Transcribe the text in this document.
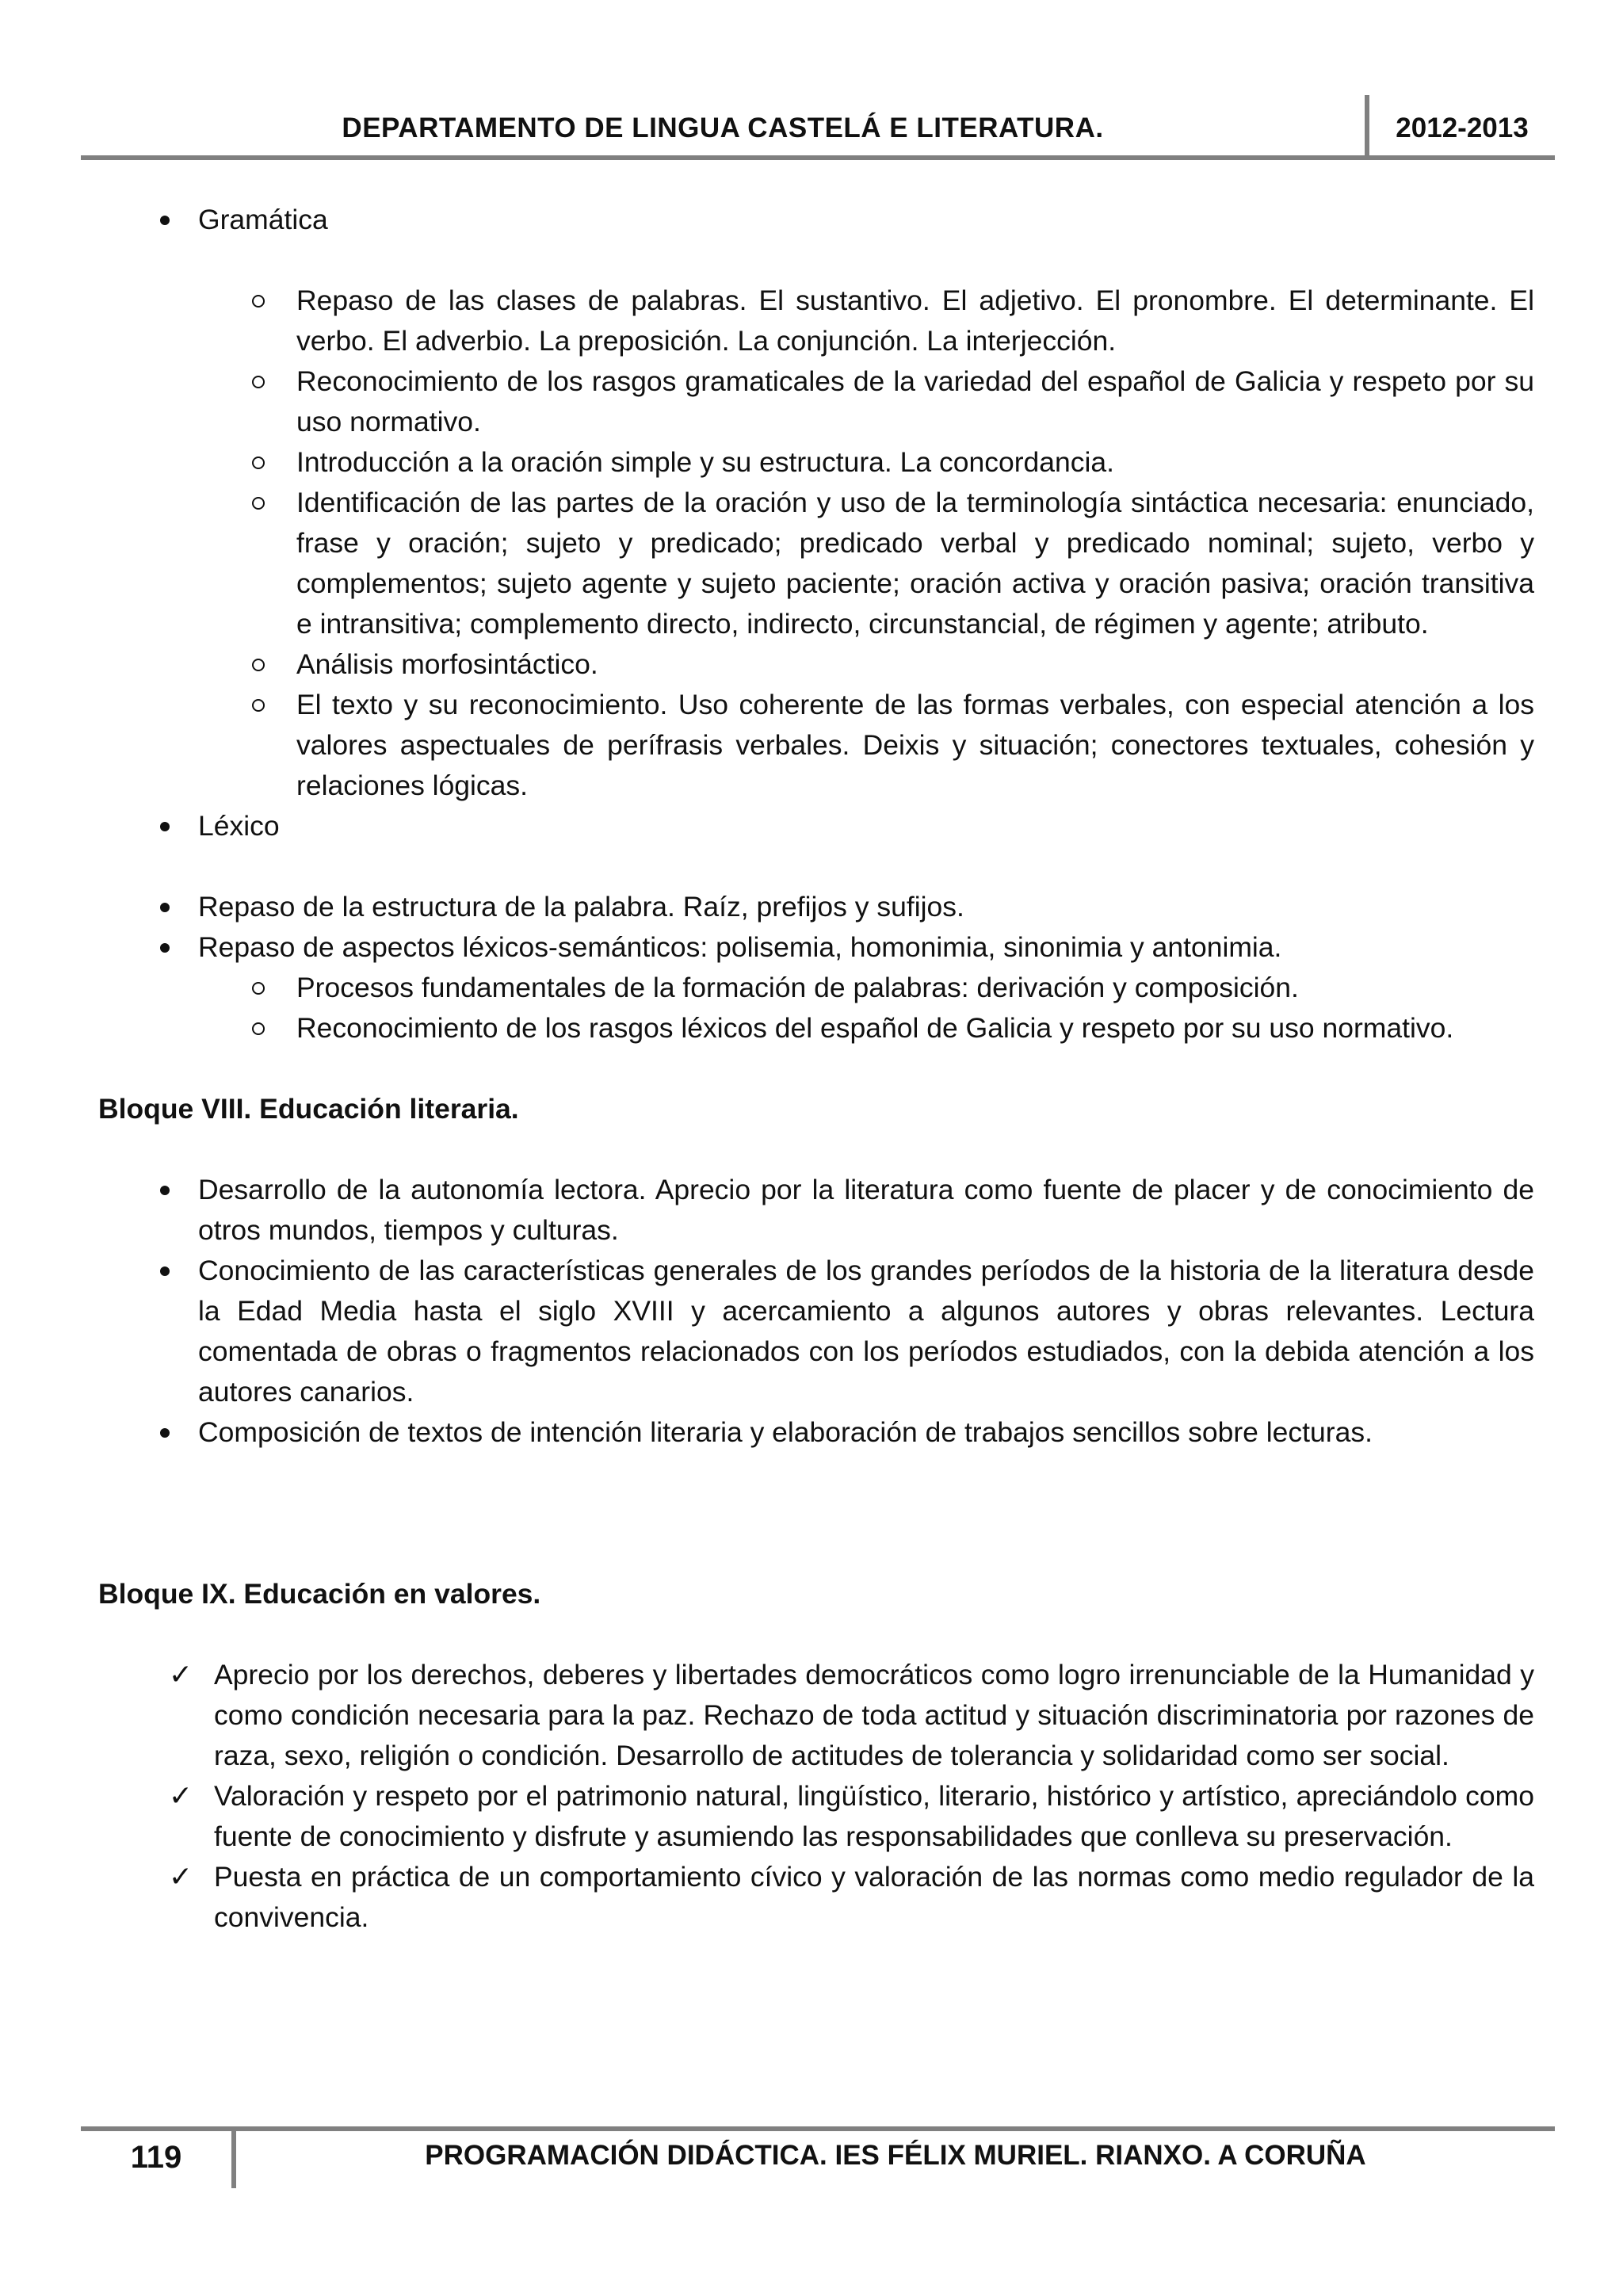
DEPARTAMENTO DE LINGUA CASTELÁ E LITERATURA.	2012-2013
Gramática
Repaso de las clases de palabras. El sustantivo. El adjetivo. El pronombre. El determinante. El verbo. El adverbio. La preposición. La conjunción. La interjección.
Reconocimiento de los rasgos gramaticales de la variedad del español de Galicia y respeto por su uso normativo.
Introducción a la oración simple y su estructura. La concordancia.
Identificación de las partes de la oración y uso de la terminología sintáctica necesaria: enunciado, frase y oración; sujeto y predicado; predicado verbal y predicado nominal; sujeto, verbo y complementos; sujeto agente y sujeto paciente; oración activa y oración pasiva; oración transitiva e intransitiva; complemento directo, indirecto, circunstancial, de régimen y agente; atributo.
Análisis morfosintáctico.
El texto y su reconocimiento. Uso coherente de las formas verbales, con especial atención a los valores aspectuales de perífrasis verbales. Deixis y situación; conectores textuales, cohesión y relaciones lógicas.
Léxico
Repaso de la estructura de la palabra. Raíz, prefijos y sufijos.
Repaso de aspectos léxicos-semánticos: polisemia, homonimia, sinonimia y antonimia.
Procesos fundamentales de la formación de palabras: derivación y composición.
Reconocimiento de los rasgos léxicos del español de Galicia y respeto por su uso normativo.

Bloque VIII. Educación literaria.

Desarrollo de la autonomía lectora. Aprecio por la literatura como fuente de placer y de conocimiento de otros mundos, tiempos y culturas.
Conocimiento de las características generales de los grandes períodos de la historia de la literatura desde la Edad Media hasta el siglo XVIII y acercamiento a algunos autores y obras relevantes. Lectura comentada de obras o fragmentos relacionados con los períodos estudiados, con la debida atención a los autores canarios.
Composición de textos de intención literaria y elaboración de trabajos sencillos sobre lecturas.

Bloque IX. Educación en valores.

✓ Aprecio por los derechos, deberes y libertades democráticos como logro irrenunciable de la Humanidad y como condición necesaria para la paz. Rechazo de toda actitud y situación discriminatoria por razones de raza, sexo, religión o condición. Desarrollo de actitudes de tolerancia y solidaridad como ser social.
✓ Valoración y respeto por el patrimonio natural, lingüístico, literario, histórico y artístico, apreciándolo como fuente de conocimiento y disfrute y asumiendo las responsabilidades que conlleva su preservación.
✓ Puesta en práctica de un comportamiento cívico y valoración de las normas como medio regulador de la convivencia.
119	PROGRAMACIÓN DIDÁCTICA. IES FÉLIX MURIEL. RIANXO. A CORUÑA
